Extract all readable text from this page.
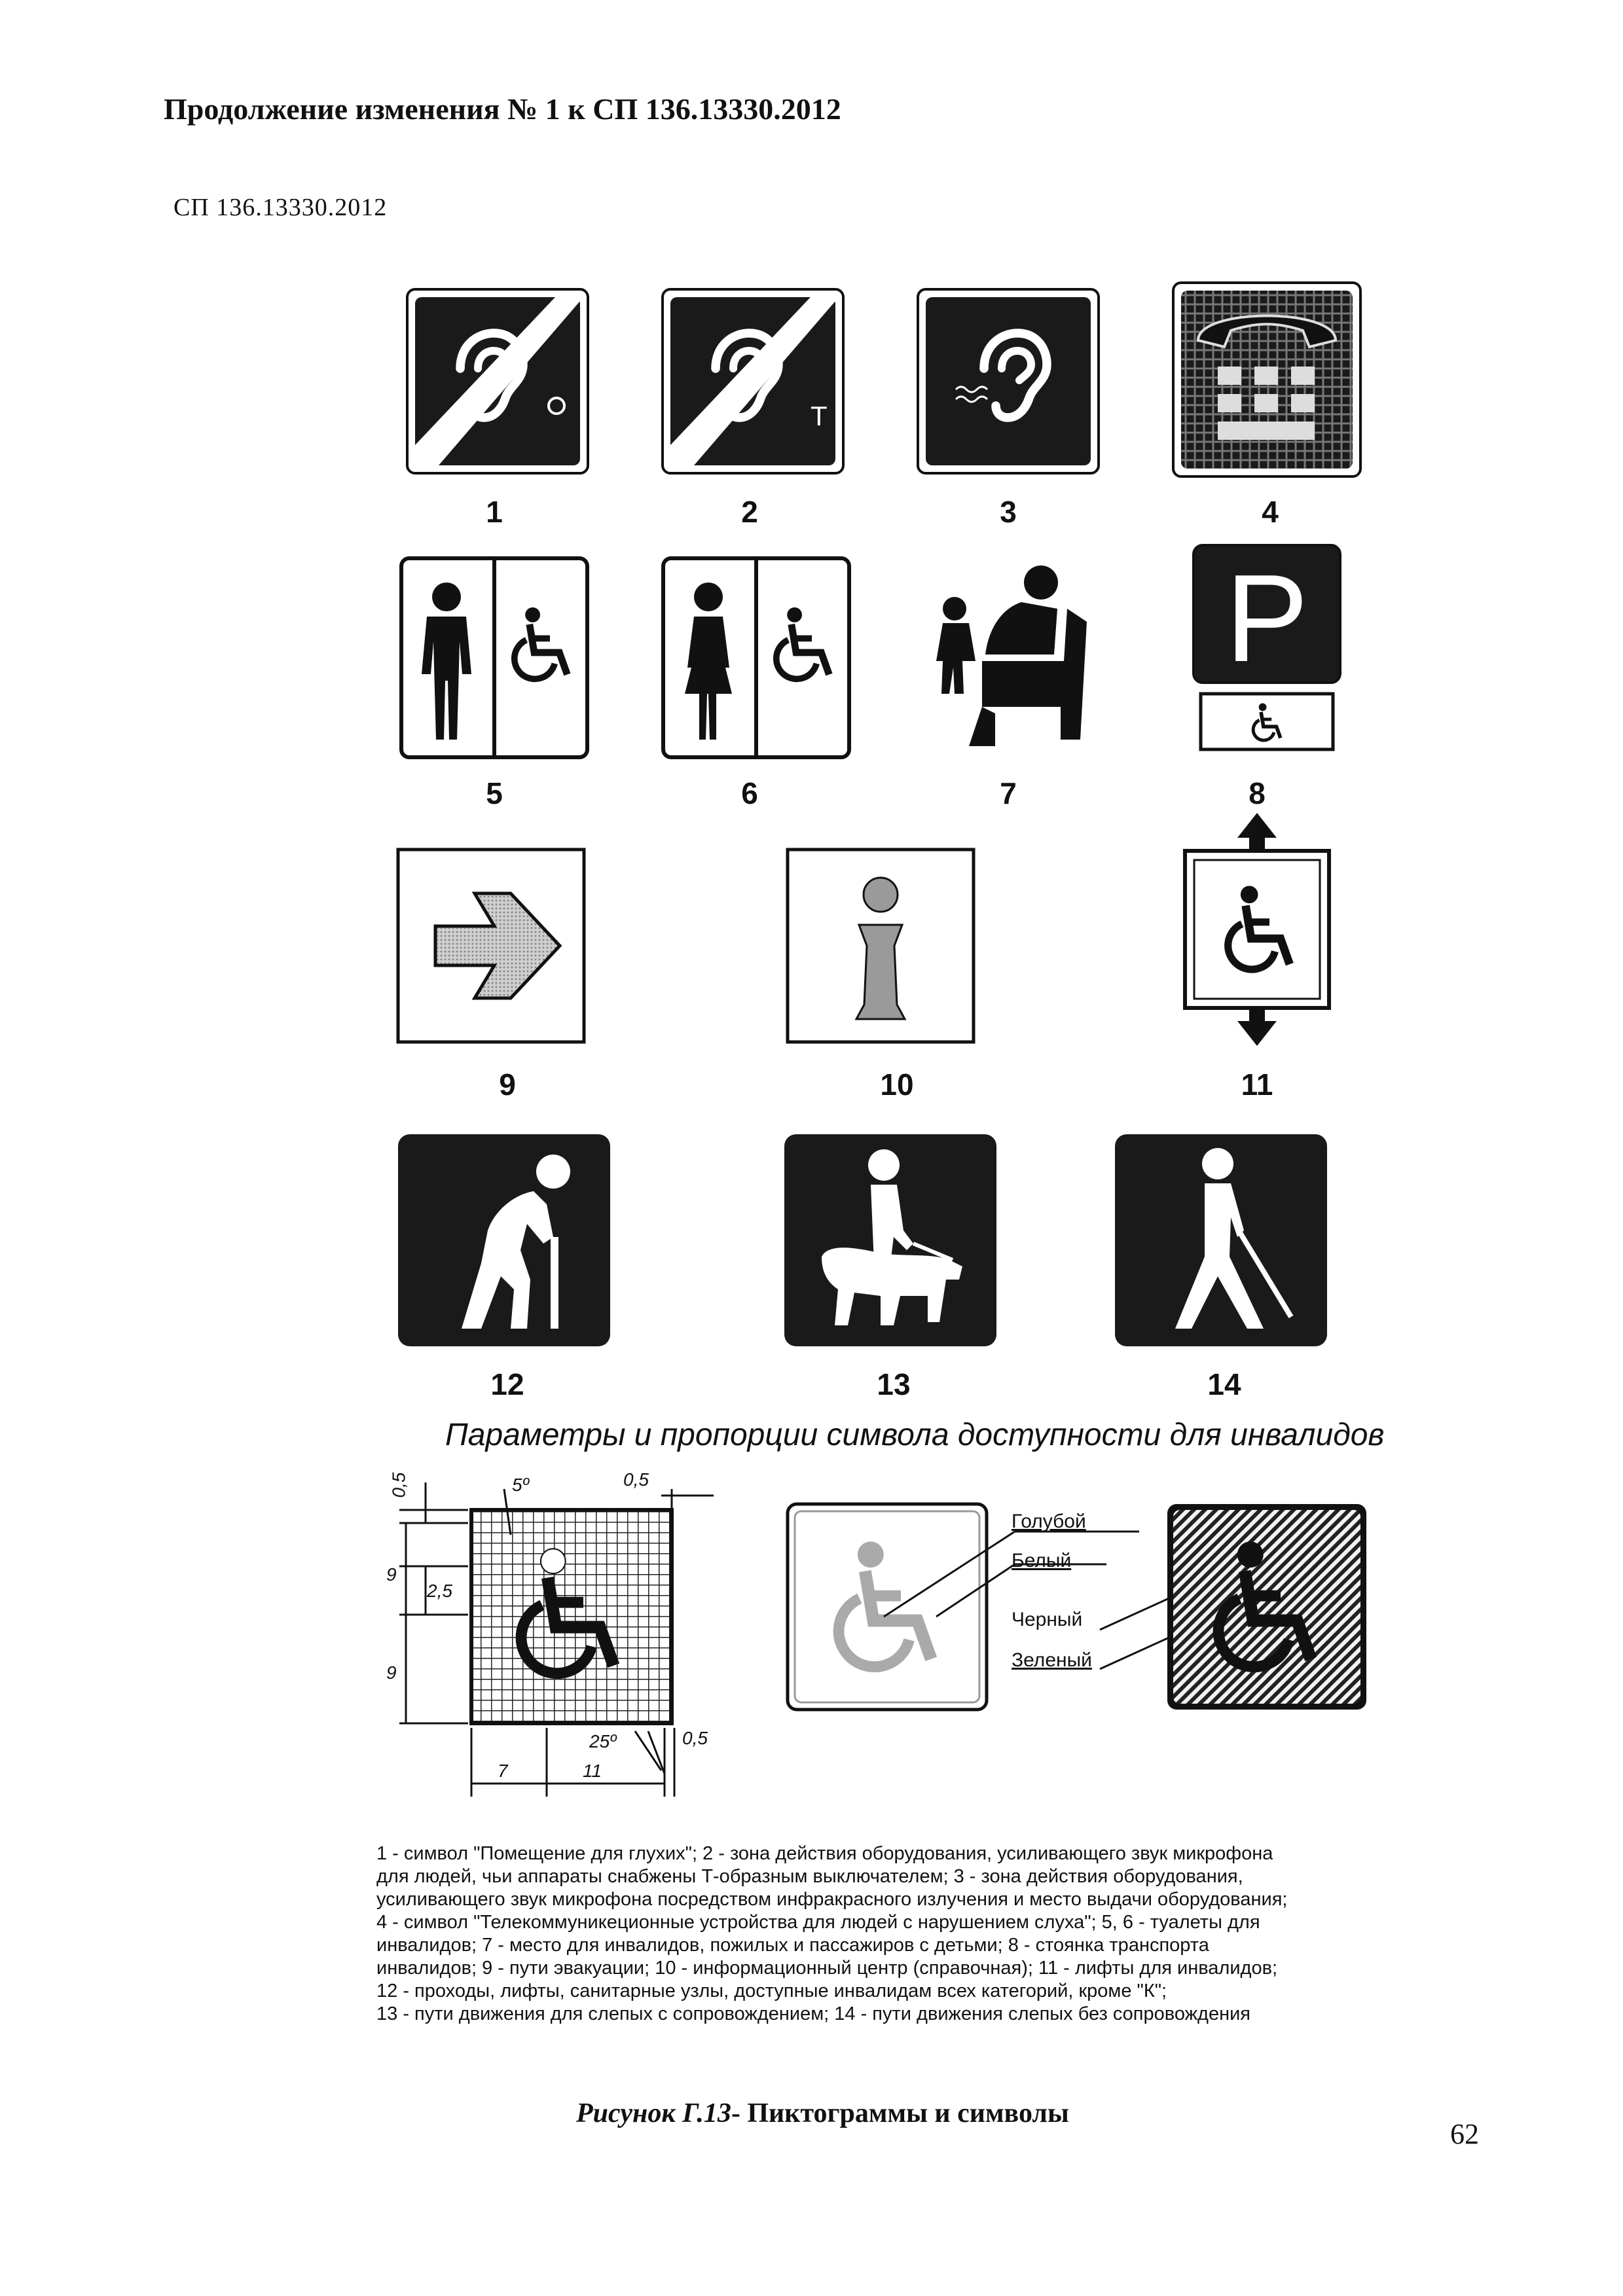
Продолжение изменения № 1 к СП 136.13330.2012
СП 136.13330.2012
T
1	2	3	4
P
5	6	7	8
9	10	11
12	13	14
Параметры и пропорции символа доступности для инвалидов
0,5	5º	0,5
9
2,5
9
25º	0,5
7	11
Голубой
Белый
Черный
Зеленый
1 - символ "Помещение для глухих"; 2 - зона действия оборудования, усиливающего звук микрофона
для людей, чьи аппараты снабжены Т-образным выключателем; 3 - зона действия оборудования,
усиливающего звук микрофона посредством инфракрасного излучения и место выдачи оборудования;
4 - символ "Телекоммуникеционные устройства для людей с нарушением слуха"; 5, 6 - туалеты для
инвалидов; 7 - место для инвалидов, пожилых и пассажиров с детьми; 8 - стоянка транспорта
инвалидов; 9 - пути эвакуации; 10 - информационный центр (справочная); 11 - лифты для инвалидов;
12 - проходы, лифты, санитарные узлы, доступные инвалидам всех категорий, кроме "К";
13 - пути движения для слепых с сопровождением; 14 - пути движения слепых без сопровождения
Рисунок Г.13- Пиктограммы и символы
62
